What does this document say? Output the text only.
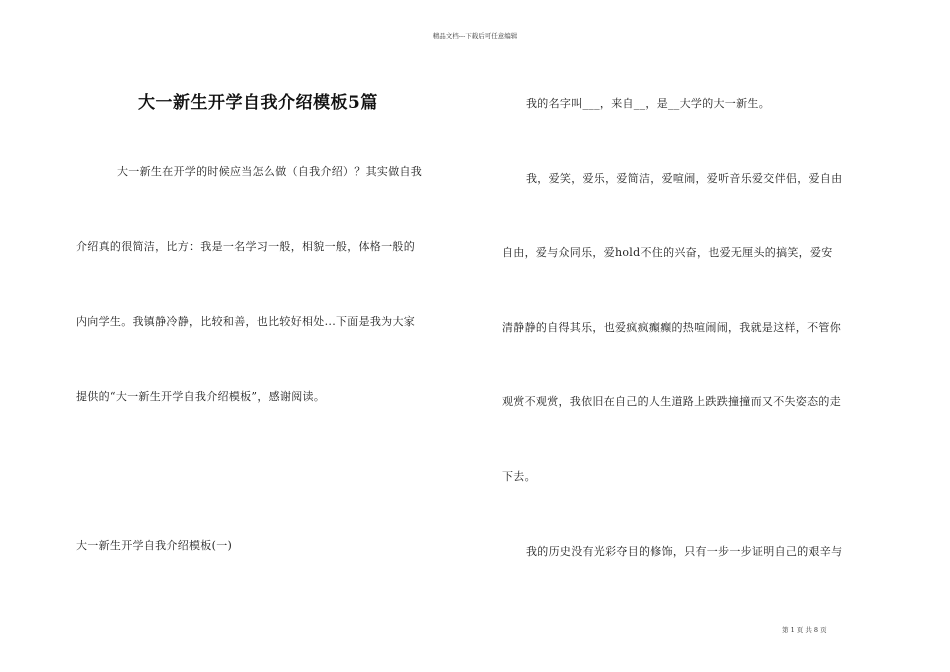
精品文档---下载后可任意编辑
大一新生开学自我介绍模板5篇
大一新生在开学的时候应当怎么做（自我介绍）？其实做自我
介绍真的很简洁，比方：我是一名学习一般，相貌一般，体格一般的
内向学生。我镇静冷静，比较和善，也比较好相处...下面是我为大家
提供的“大一新生开学自我介绍模板”，感谢阅读。
大一新生开学自我介绍模板(一)
我的名字叫___，来自__，是__大学的大一新生。
我，爱笑，爱乐，爱简洁，爱喧闹，爱听音乐爱交伴侣，爱自由
自由，爱与众同乐，爱hold不住的兴奋，也爱无厘头的搞笑，爱安
清静静的自得其乐，也爱疯疯癫癫的热喧闹闹，我就是这样，不管你
观赏不观赏，我依旧在自己的人生道路上跌跌撞撞而又不失姿态的走
下去。
我的历史没有光彩夺目的修饰，只有一步一步证明自己的艰辛与
第 1 页 共 8 页
